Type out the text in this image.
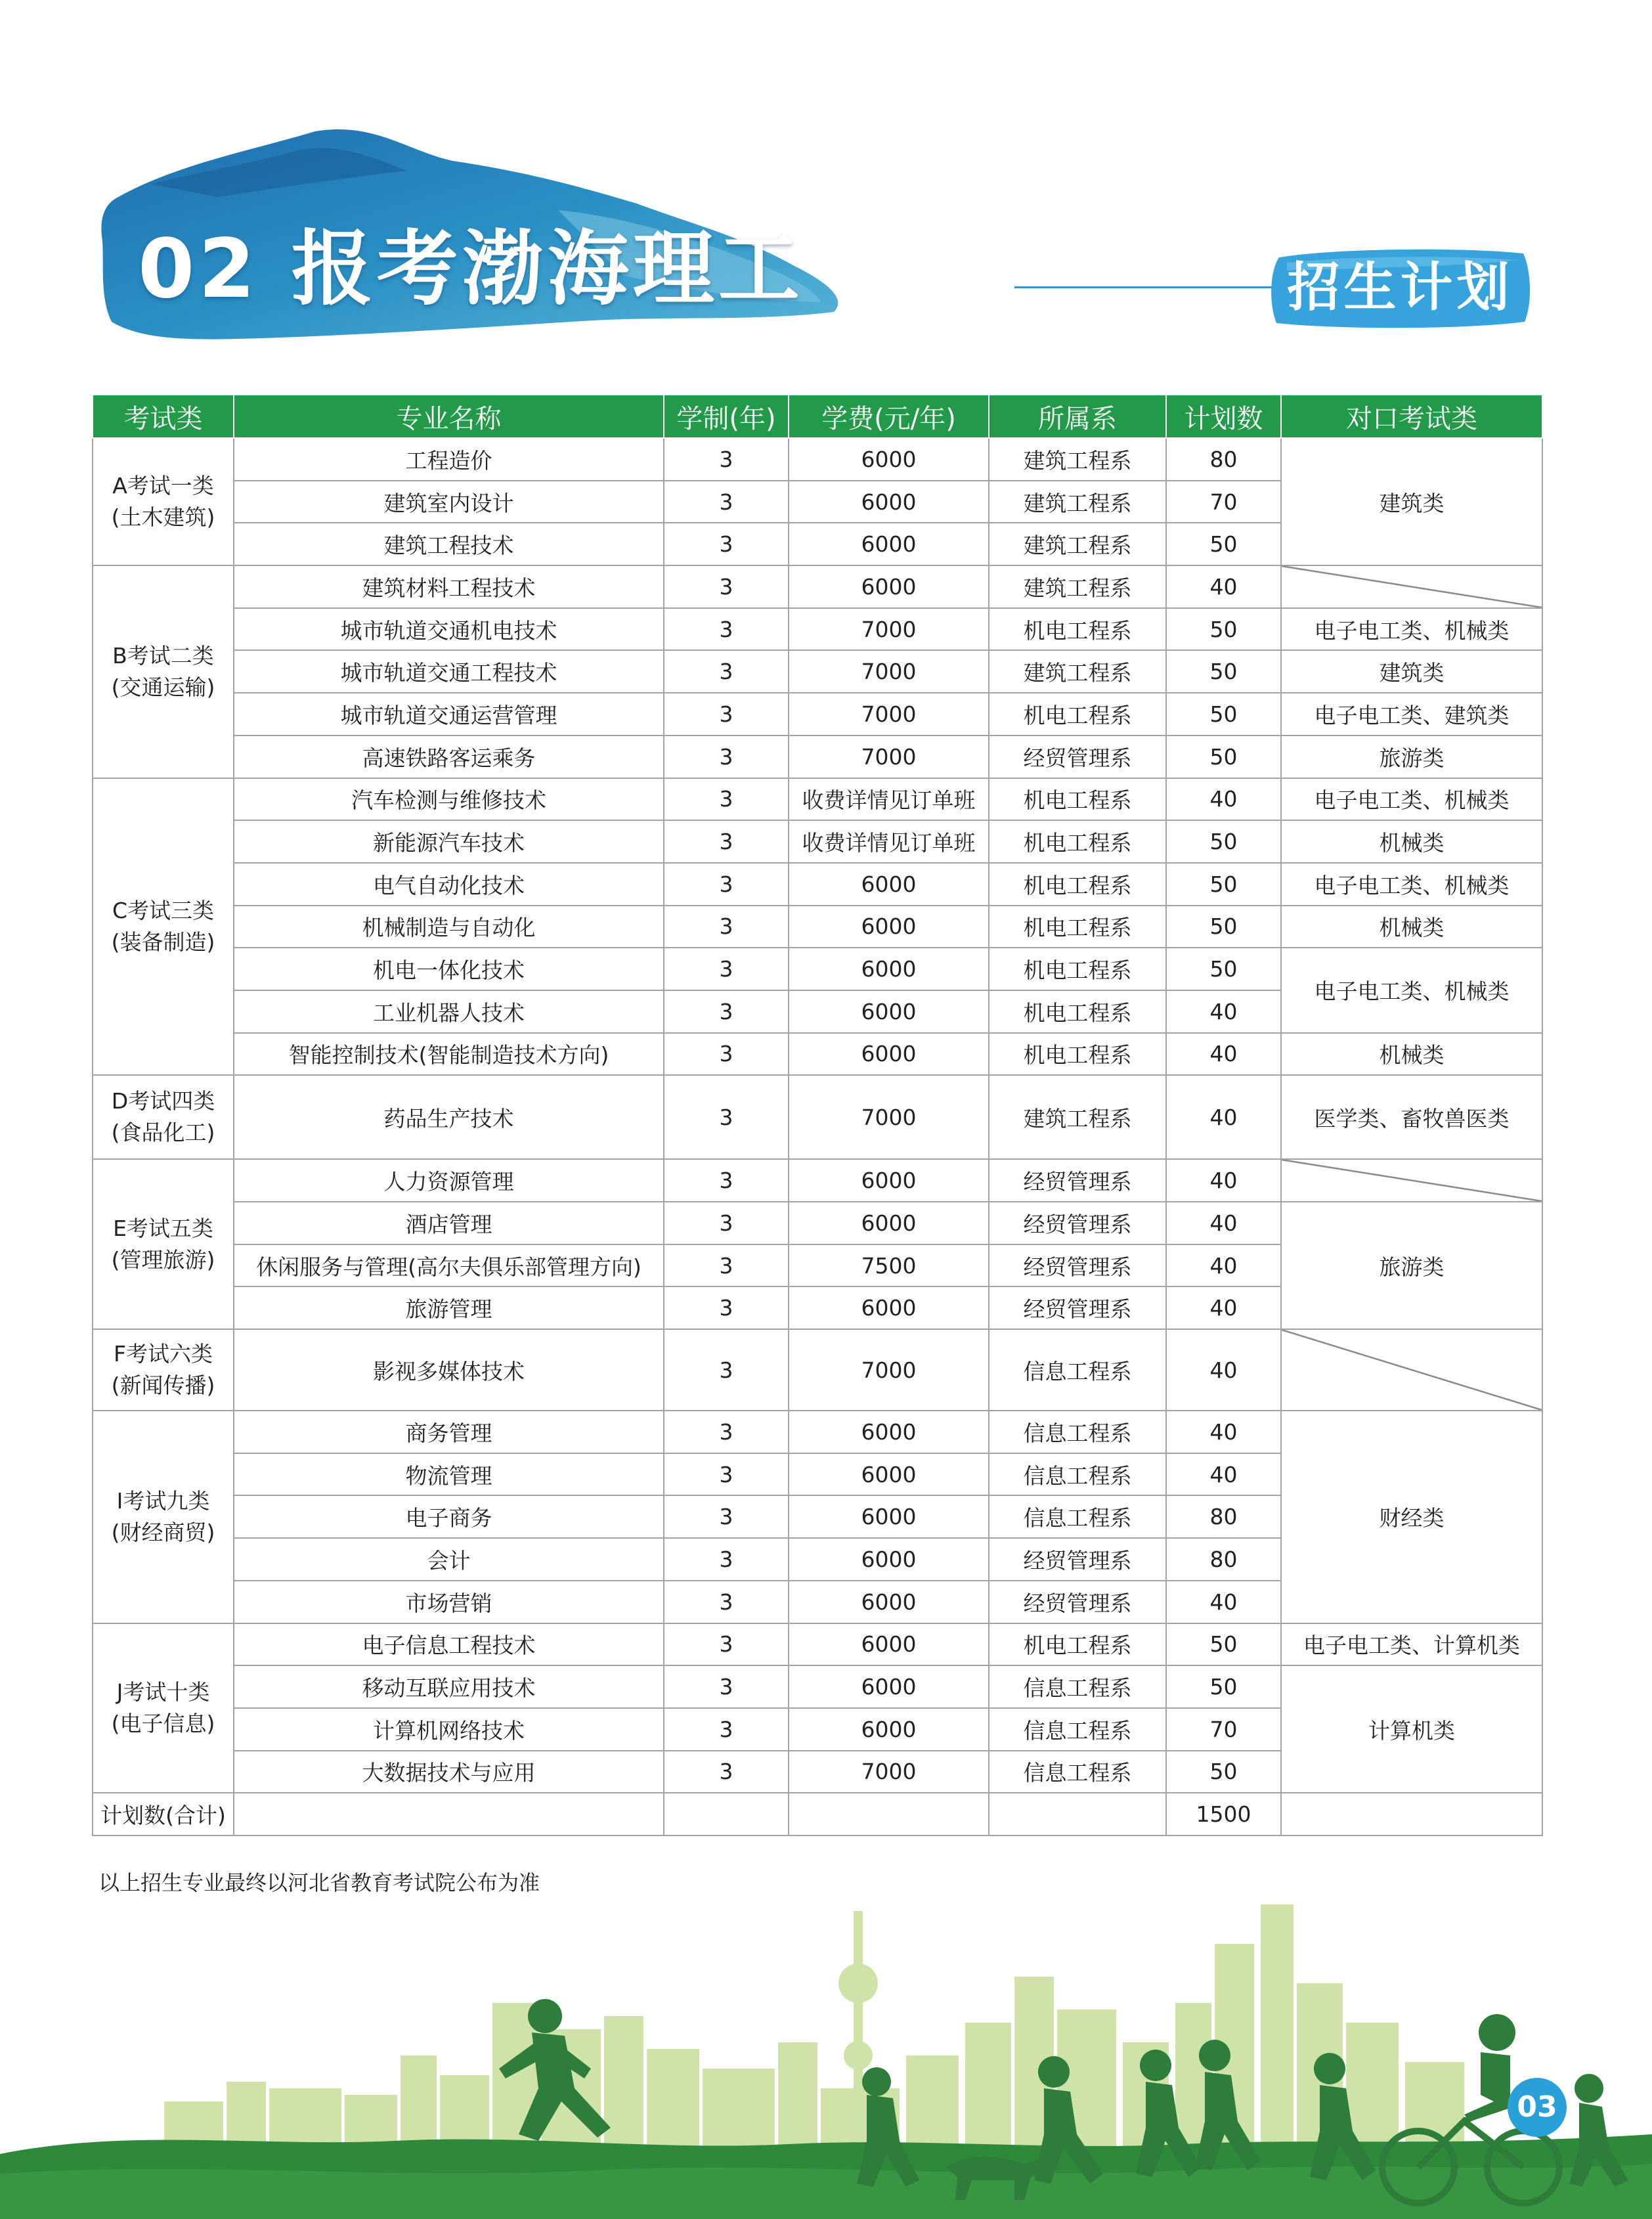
02 报考渤海理工	招生计划
考试类	专业名称	学制(年)	学费(元/年)	所属系	计划数	对口考试类
A考试一类
(土木建筑)	工程造价	3	6000	建筑工程系	80	建筑类
	建筑室内设计	3	6000	建筑工程系	70	
	建筑工程技术	3	6000	建筑工程系	50	
B考试二类
(交通运输)	建筑材料工程技术	3	6000	建筑工程系	40	
	城市轨道交通机电技术	3	7000	机电工程系	50	电子电工类、机械类
	城市轨道交通工程技术	3	7000	建筑工程系	50	建筑类
	城市轨道交通运营管理	3	7000	机电工程系	50	电子电工类、建筑类
	高速铁路客运乘务	3	7000	经贸管理系	50	旅游类
C考试三类
(装备制造)	汽车检测与维修技术	3	收费详情见订单班	机电工程系	40	电子电工类、机械类
	新能源汽车技术	3	收费详情见订单班	机电工程系	50	机械类
	电气自动化技术	3	6000	机电工程系	50	电子电工类、机械类
	机械制造与自动化	3	6000	机电工程系	50	机械类
	机电一体化技术	3	6000	机电工程系	50	电子电工类、机械类
	工业机器人技术	3	6000	机电工程系	40	
	智能控制技术(智能制造技术方向)	3	6000	机电工程系	40	机械类
D考试四类
(食品化工)	药品生产技术	3	7000	建筑工程系	40	医学类、畜牧兽医类
E考试五类
(管理旅游)	人力资源管理	3	6000	经贸管理系	40	
	酒店管理	3	6000	经贸管理系	40	旅游类
	休闲服务与管理(高尔夫俱乐部管理方向)	3	7500	经贸管理系	40	
	旅游管理	3	6000	经贸管理系	40	
F考试六类
(新闻传播)	影视多媒体技术	3	7000	信息工程系	40	
I考试九类
(财经商贸)	商务管理	3	6000	信息工程系	40	财经类
	物流管理	3	6000	信息工程系	40	
	电子商务	3	6000	信息工程系	80	
	会计	3	6000	经贸管理系	80	
	市场营销	3	6000	经贸管理系	40	
J考试十类
(电子信息)	电子信息工程技术	3	6000	机电工程系	50	电子电工类、计算机类
	移动互联应用技术	3	6000	信息工程系	50	计算机类
	计算机网络技术	3	6000	信息工程系	70	
	大数据技术与应用	3	7000	信息工程系	50	
计划数(合计)					1500	
以上招生专业最终以河北省教育考试院公布为准
03
